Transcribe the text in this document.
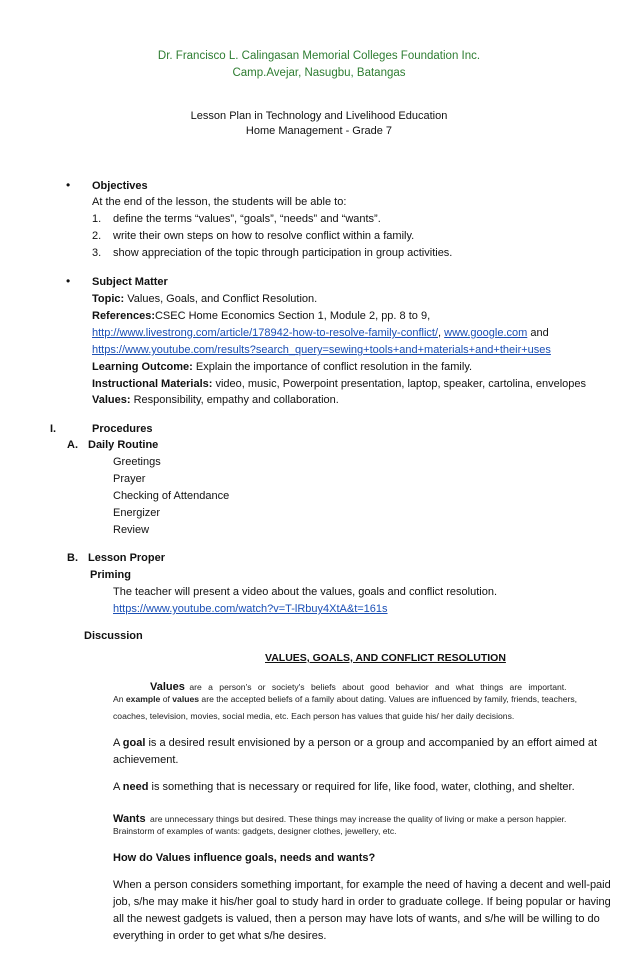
Dr. Francisco L. Calingasan Memorial Colleges Foundation Inc.
Camp.Avejar, Nasugbu, Batangas
Lesson Plan in Technology and Livelihood Education
Home Management - Grade 7
• Objectives
At the end of the lesson, the students will be able to:
1. define the terms “values”, “goals”, “needs” and “wants”.
2. write their own steps on how to resolve conflict within a family.
3. show appreciation of the topic through participation in group activities.
• Subject Matter
Topic: Values, Goals, and Conflict Resolution.
References:CSEC Home Economics Section 1, Module 2, pp. 8 to 9,
http://www.livestrong.com/article/178942-how-to-resolve-family-conflict/, www.google.com and
https://www.youtube.com/results?search_query=sewing+tools+and+materials+and+their+uses
Learning Outcome: Explain the importance of conflict resolution in the family.
Instructional Materials: video, music, Powerpoint presentation, laptop, speaker, cartolina, envelopes
Values: Responsibility, empathy and collaboration.
I.	Procedures
A. Daily Routine
Greetings
Prayer
Checking of Attendance
Energizer
Review
B. Lesson Proper
Priming
The teacher will present a video about the values, goals and conflict resolution.
https://www.youtube.com/watch?v=T-lRbuy4XtA&t=161s
Discussion
VALUES, GOALS, AND CONFLICT RESOLUTION
Values are a person's or society's beliefs about good behavior and what things are important.
An example of values are the accepted beliefs of a family about dating. Values are influenced by family, friends, teachers,
coaches, television, movies, social media, etc. Each person has values that guide his/ her daily decisions.
A goal is a desired result envisioned by a person or a group and accompanied by an effort aimed at
achievement.
A need is something that is necessary or required for life, like food, water, clothing, and shelter.
Wants are unnecessary things but desired. These things may increase the quality of living or make a person happier.
Brainstorm of examples of wants: gadgets, designer clothes, jewellery, etc.
How do Values influence goals, needs and wants?
When a person considers something important, for example the need of having a decent and well-paid
job, s/he may make it his/her goal to study hard in order to graduate college. If being popular or having
all the newest gadgets is valued, then a person may have lots of wants, and s/he will be willing to do
everything in order to get what s/he desires.
